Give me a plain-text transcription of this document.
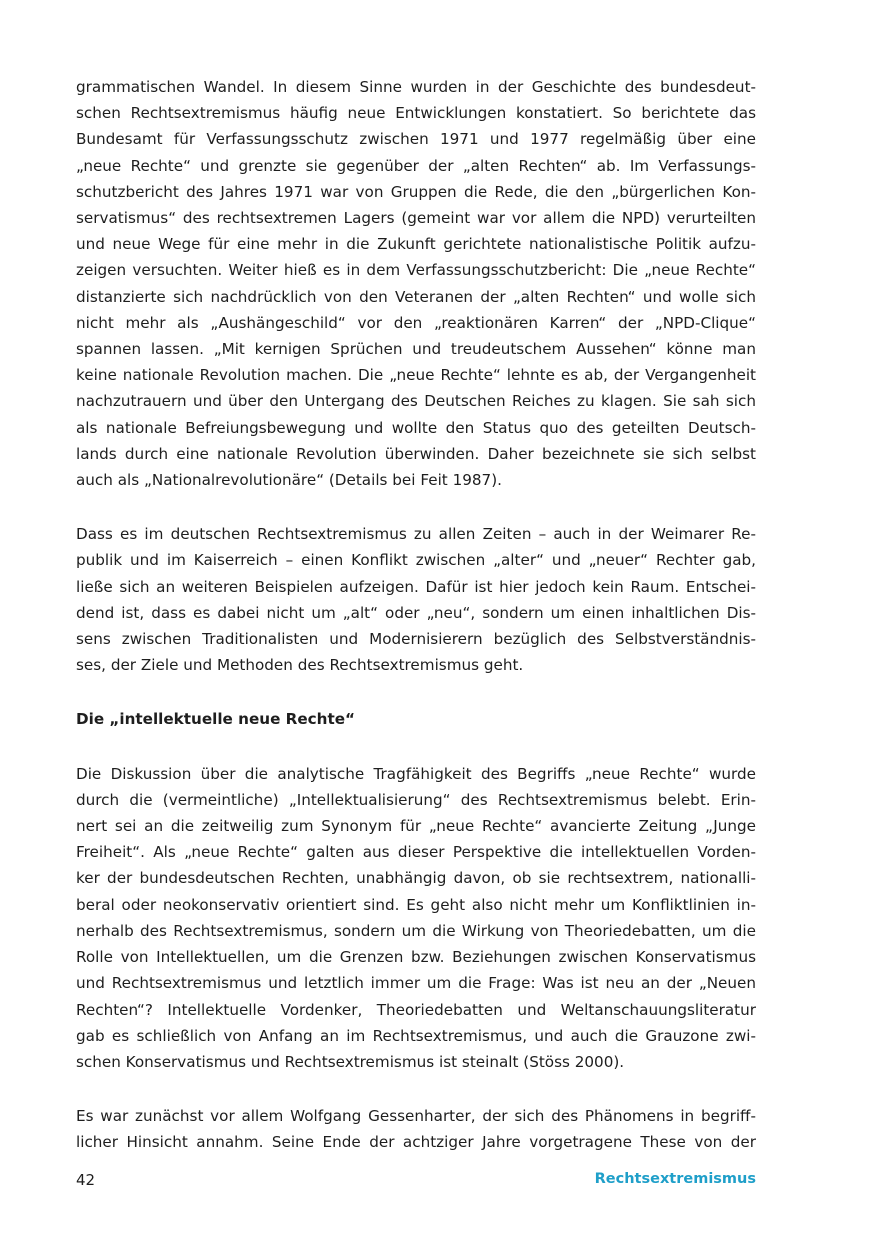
grammatischen Wandel. In diesem Sinne wurden in der Geschichte des bundesdeut-
schen Rechtsextremismus häufig neue Entwicklungen konstatiert. So berichtete das
Bundesamt für Verfassungsschutz zwischen 1971 und 1977 regelmäßig über eine
„neue Rechte“ und grenzte sie gegenüber der „alten Rechten“ ab. Im Verfassungs-
schutzbericht des Jahres 1971 war von Gruppen die Rede, die den „bürgerlichen Kon-
servatismus“ des rechtsextremen Lagers (gemeint war vor allem die NPD) verurteilten
und neue Wege für eine mehr in die Zukunft gerichtete nationalistische Politik aufzu-
zeigen versuchten. Weiter hieß es in dem Verfassungsschutzbericht: Die „neue Rechte“
distanzierte sich nachdrücklich von den Veteranen der „alten Rechten“ und wolle sich
nicht mehr als „Aushängeschild“ vor den „reaktionären Karren“ der „NPD-Clique“
spannen lassen. „Mit kernigen Sprüchen und treudeutschem Aussehen“ könne man
keine nationale Revolution machen. Die „neue Rechte“ lehnte es ab, der Vergangenheit
nachzutrauern und über den Untergang des Deutschen Reiches zu klagen. Sie sah sich
als nationale Befreiungsbewegung und wollte den Status quo des geteilten Deutsch-
lands durch eine nationale Revolution überwinden. Daher bezeichnete sie sich selbst
auch als „Nationalrevolutionäre“ (Details bei Feit 1987).

Dass es im deutschen Rechtsextremismus zu allen Zeiten – auch in der Weimarer Re-
publik und im Kaiserreich – einen Konflikt zwischen „alter“ und „neuer“ Rechter gab,
ließe sich an weiteren Beispielen aufzeigen. Dafür ist hier jedoch kein Raum. Entschei-
dend ist, dass es dabei nicht um „alt“ oder „neu“, sondern um einen inhaltlichen Dis-
sens zwischen Traditionalisten und Modernisierern bezüglich des Selbstverständnis-
ses, der Ziele und Methoden des Rechtsextremismus geht.

Die „intellektuelle neue Rechte“

Die Diskussion über die analytische Tragfähigkeit des Begriffs „neue Rechte“ wurde
durch die (vermeintliche) „Intellektualisierung“ des Rechtsextremismus belebt. Erin-
nert sei an die zeitweilig zum Synonym für „neue Rechte“ avancierte Zeitung „Junge
Freiheit“. Als „neue Rechte“ galten aus dieser Perspektive die intellektuellen Vorden-
ker der bundesdeutschen Rechten, unabhängig davon, ob sie rechtsextrem, nationalli-
beral oder neokonservativ orientiert sind. Es geht also nicht mehr um Konfliktlinien in-
nerhalb des Rechtsextremismus, sondern um die Wirkung von Theoriedebatten, um die
Rolle von Intellektuellen, um die Grenzen bzw. Beziehungen zwischen Konservatismus
und Rechtsextremismus und letztlich immer um die Frage: Was ist neu an der „Neuen
Rechten“? Intellektuelle Vordenker, Theoriedebatten und Weltanschauungsliteratur
gab es schließlich von Anfang an im Rechtsextremismus, und auch die Grauzone zwi-
schen Konservatismus und Rechtsextremismus ist steinalt (Stöss 2000).

Es war zunächst vor allem Wolfgang Gessenharter, der sich des Phänomens in begriff-
licher Hinsicht annahm. Seine Ende der achtziger Jahre vorgetragene These von der

42	Rechtsextremismus
